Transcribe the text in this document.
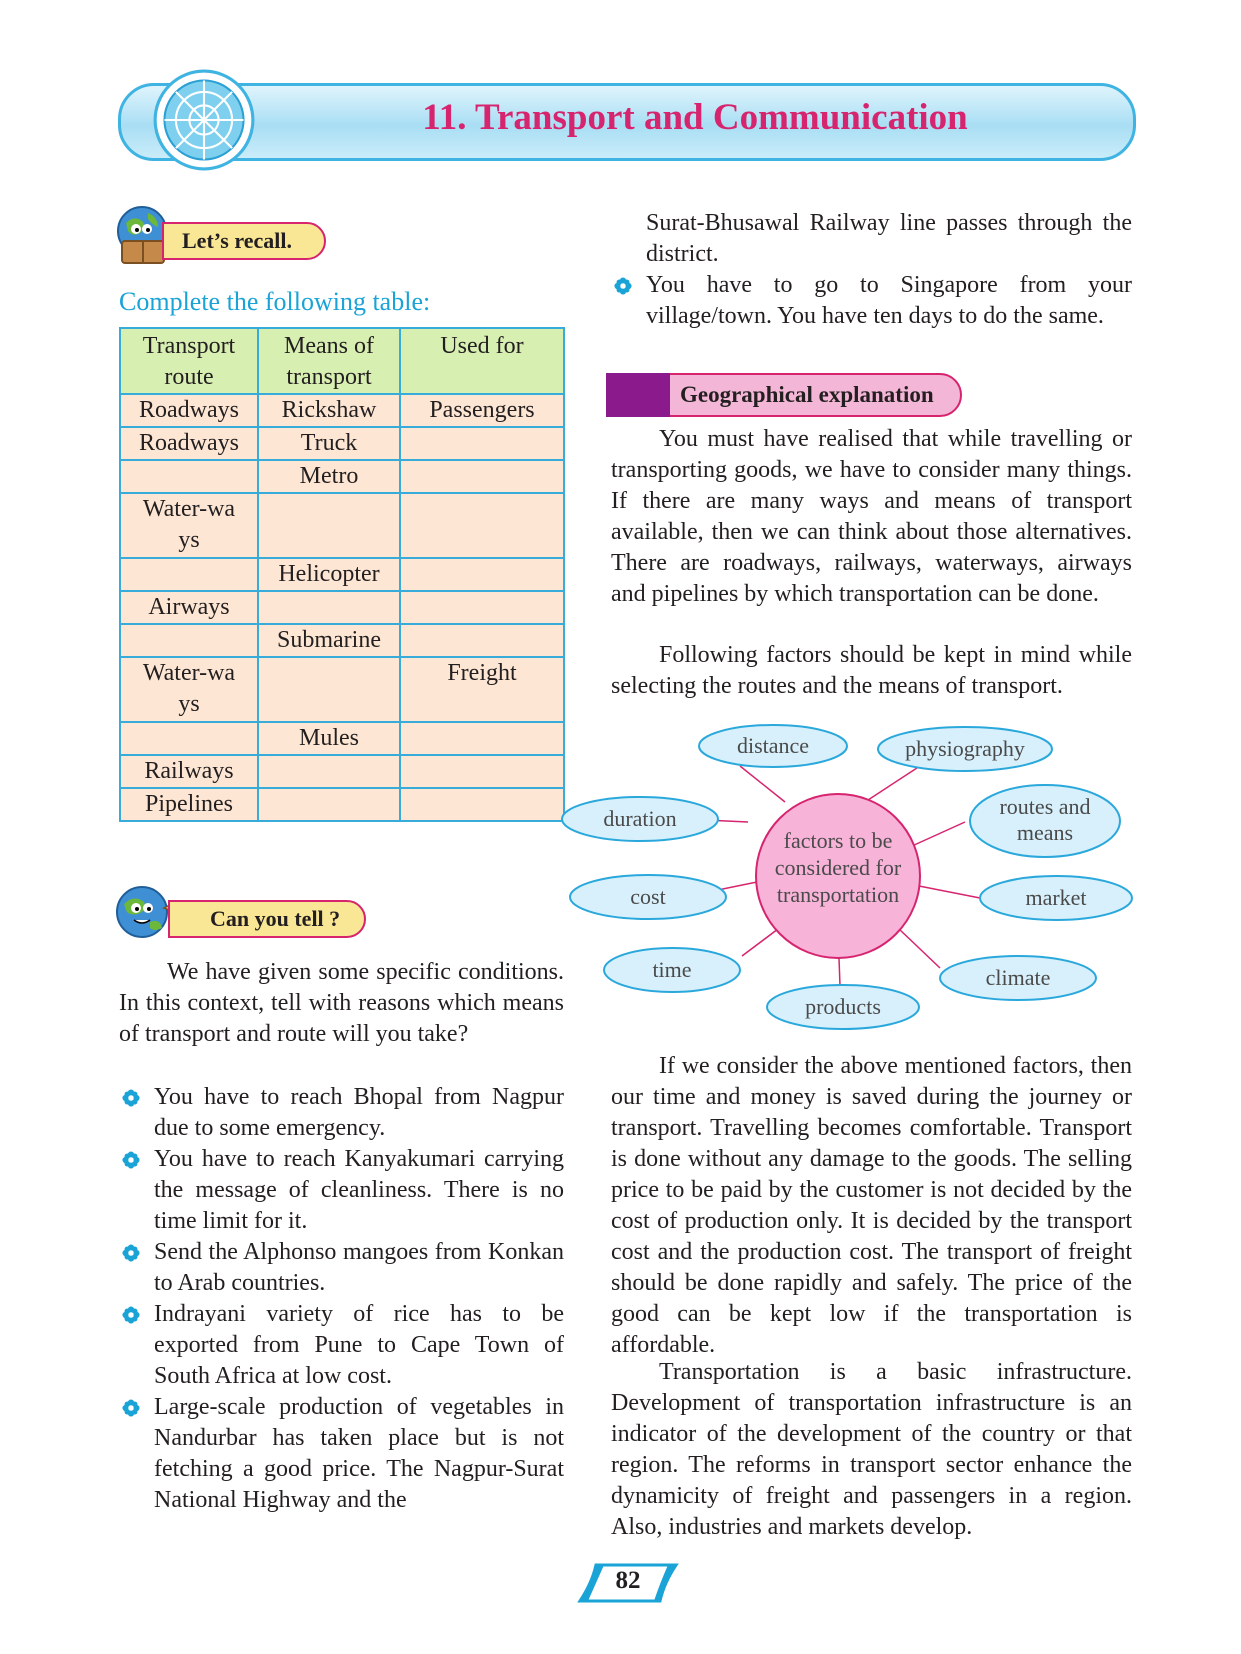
11. Transport and Communication
Let’s recall.
Complete the following table:
Transport route	Means of transport	Used for
Roadways	Rickshaw	Passengers
Roadways	Truck	
	Metro	
Water-ways		
	Helicopter	
Airways		
	Submarine	
Water-ways		Freight
	Mules	
Railways		
Pipelines		
Can you tell ?
We have given some specific conditions. In this context, tell with reasons which means of transport and route will you take?
You have to reach Bhopal from Nagpur due to some emergency.
You have to reach Kanyakumari carrying the message of cleanliness. There is no time limit for it.
Send the Alphonso mangoes from Konkan to Arab countries.
Indrayani variety of rice has to be exported from Pune to Cape Town of South Africa at low cost.
Large-scale production of vegetables in Nandurbar has taken place but is not fetching a good price. The Nagpur-Surat National Highway and the
Surat-Bhusawal Railway line passes through the district.
You have to go to Singapore from your village/town. You have ten days to do the same.
Geographical explanation
You must have realised that while travelling or transporting goods, we have to consider many things. If there are many ways and means of transport available, then we can think about those alternatives. There are roadways, railways, waterways, airways and pipelines by which transportation can be done.
Following factors should be kept in mind while selecting the routes and the means of transport.
factors to be
considered for
transportation
distance	physiography
duration	routes and
means
cost	market
time	climate
products
If we consider the above mentioned factors, then our time and money is saved during the journey or transport. Travelling becomes comfortable. Transport is done without any damage to the goods. The selling price to be paid by the customer is not decided by the cost of production only. It is decided by the transport cost and the production cost. The transport of freight should be done rapidly and safely. The price of the good can be kept low if the transportation is affordable.
Transportation is a basic infrastructure. Development of transportation infrastructure is an indicator of the development of the country or that region. The reforms in transport sector enhance the dynamicity of freight and passengers in a region. Also, industries and markets develop.
82
